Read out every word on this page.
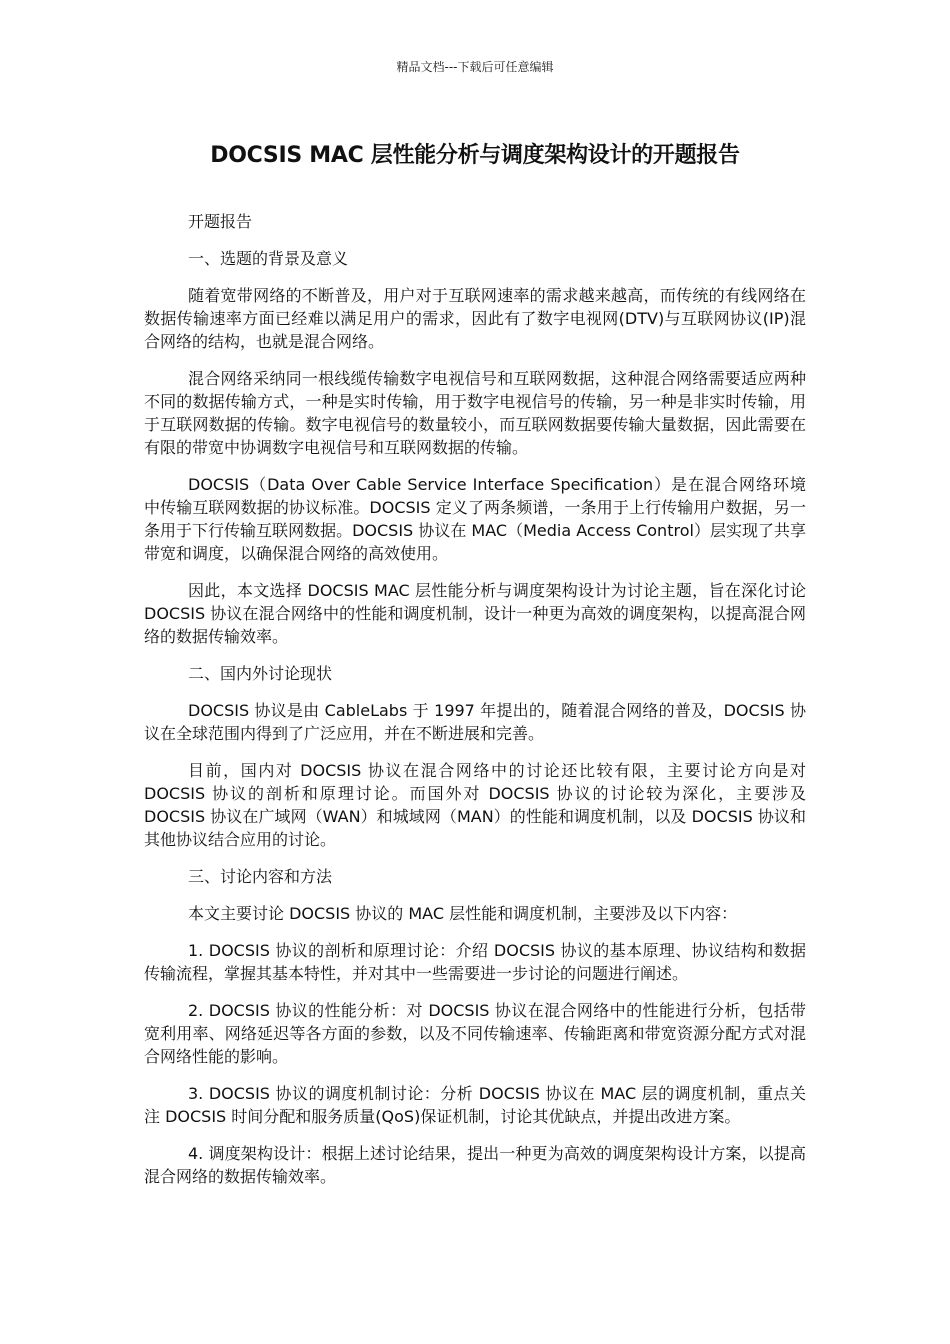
精品文档---下载后可任意编辑
DOCSIS MAC 层性能分析与调度架构设计的开题报告
开题报告
一、选题的背景及意义
随着宽带网络的不断普及，用户对于互联网速率的需求越来越高，而传统的有线网络在数据传输速率方面已经难以满足用户的需求，因此有了数字电视网(DTV)与互联网协议(IP)混合网络的结构，也就是混合网络。
混合网络采纳同一根线缆传输数字电视信号和互联网数据，这种混合网络需要适应两种不同的数据传输方式，一种是实时传输，用于数字电视信号的传输，另一种是非实时传输，用于互联网数据的传输。数字电视信号的数量较小，而互联网数据要传输大量数据，因此需要在有限的带宽中协调数字电视信号和互联网数据的传输。
DOCSIS（Data Over Cable Service Interface Specification）是在混合网络环境中传输互联网数据的协议标准。DOCSIS 定义了两条频谱，一条用于上行传输用户数据，另一条用于下行传输互联网数据。DOCSIS 协议在 MAC（Media Access Control）层实现了共享带宽和调度，以确保混合网络的高效使用。
因此，本文选择 DOCSIS MAC 层性能分析与调度架构设计为讨论主题，旨在深化讨论 DOCSIS 协议在混合网络中的性能和调度机制，设计一种更为高效的调度架构，以提高混合网络的数据传输效率。
二、国内外讨论现状
DOCSIS 协议是由 CableLabs 于 1997 年提出的，随着混合网络的普及，DOCSIS 协议在全球范围内得到了广泛应用，并在不断进展和完善。
目前，国内对 DOCSIS 协议在混合网络中的讨论还比较有限，主要讨论方向是对 DOCSIS 协议的剖析和原理讨论。而国外对 DOCSIS 协议的讨论较为深化，主要涉及 DOCSIS 协议在广域网（WAN）和城域网（MAN）的性能和调度机制，以及 DOCSIS 协议和其他协议结合应用的讨论。
三、讨论内容和方法
本文主要讨论 DOCSIS 协议的 MAC 层性能和调度机制，主要涉及以下内容：
1. DOCSIS 协议的剖析和原理讨论：介绍 DOCSIS 协议的基本原理、协议结构和数据传输流程，掌握其基本特性，并对其中一些需要进一步讨论的问题进行阐述。
2. DOCSIS 协议的性能分析：对 DOCSIS 协议在混合网络中的性能进行分析，包括带宽利用率、网络延迟等各方面的参数，以及不同传输速率、传输距离和带宽资源分配方式对混合网络性能的影响。
3. DOCSIS 协议的调度机制讨论：分析 DOCSIS 协议在 MAC 层的调度机制，重点关注 DOCSIS 时间分配和服务质量(QoS)保证机制，讨论其优缺点，并提出改进方案。
4. 调度架构设计：根据上述讨论结果，提出一种更为高效的调度架构设计方案，以提高混合网络的数据传输效率。
